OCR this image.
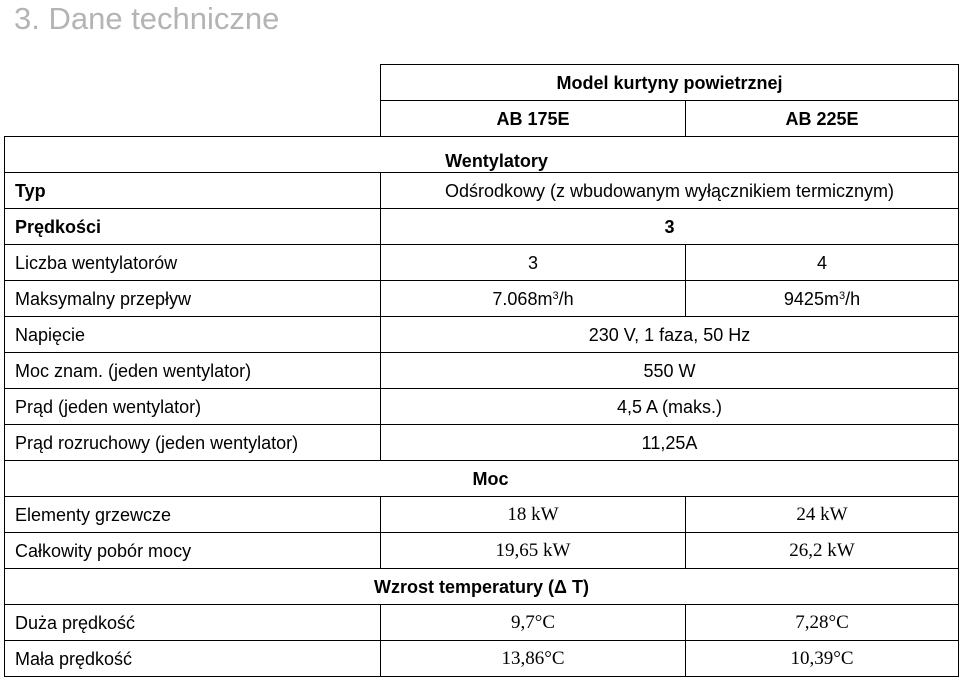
3. Dane techniczne
	Model kurtyny powietrznej	
	AB 175E	AB 225E
Wentylatory		
Typ	Odśrodkowy (z wbudowanym wyłącznikiem termicznym)	
Prędkości	3	
Liczba wentylatorów	3	4
Maksymalny przepływ	$7.068m^3/h$	$9425m^3/h$
Napięcie	230 V, 1 faza, 50 Hz	
Moc znam. (jeden wentylator)	550 W	
Prąd (jeden wentylator)	4,5 A (maks.)	
Prąd rozruchowy (jeden wentylator)	11,25A	
Moc		
Elementy grzewcze	18 kW	24 kW
Całkowity pobór mocy	19,65 kW	26,2 kW
Wzrost temperatury (Δ T)		
Duża prędkość	9,7°C	7,28°C
Mała prędkość	13,86°C	10,39°C
